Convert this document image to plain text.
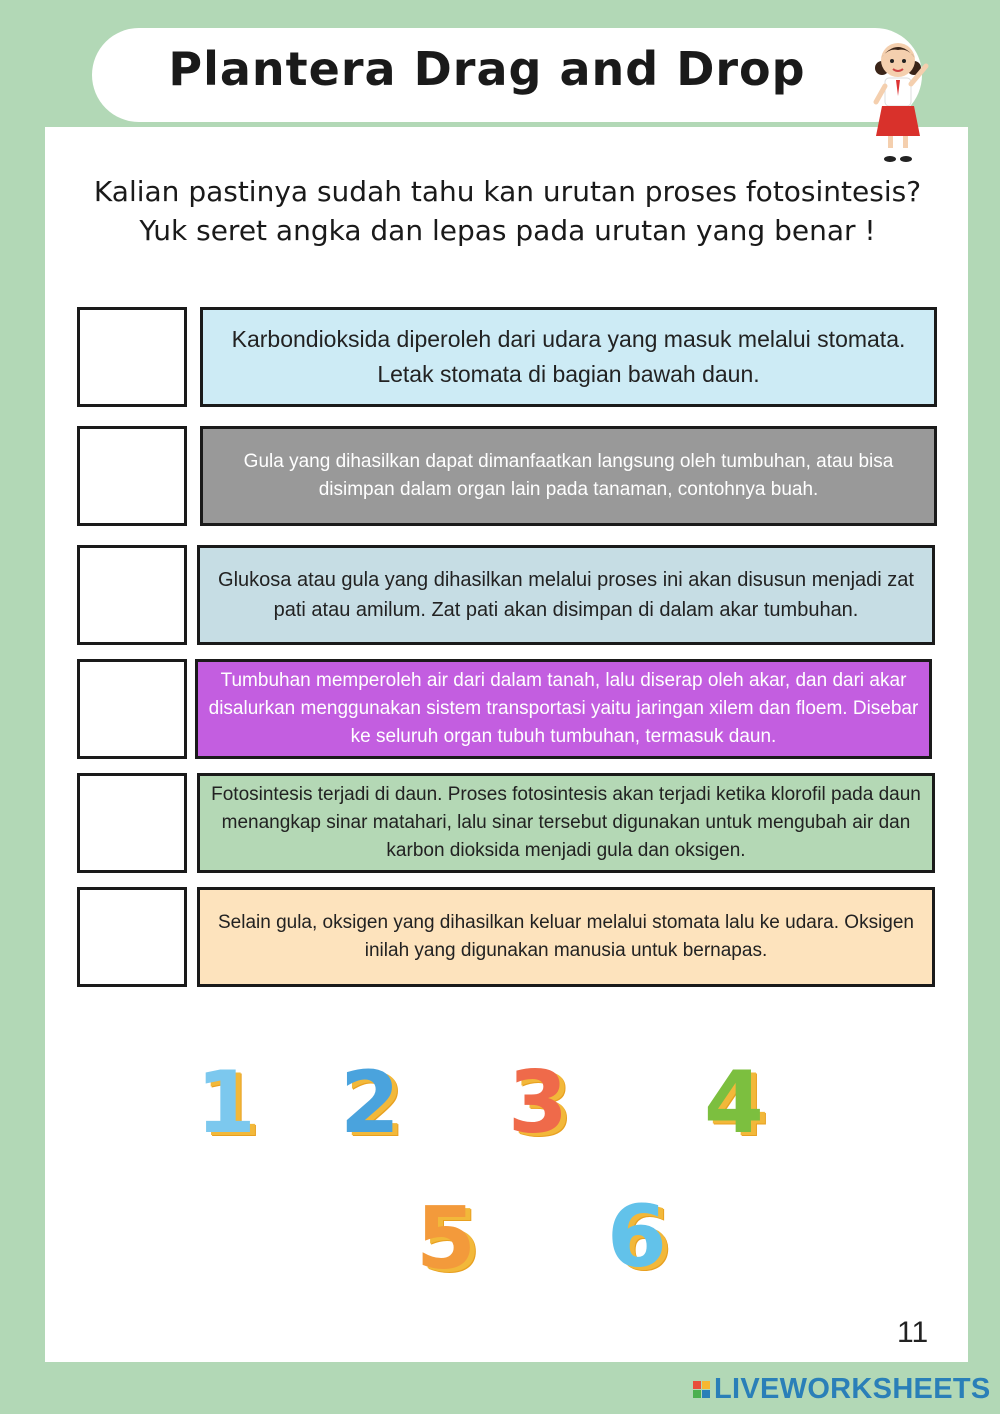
Plantera Drag and Drop
Kalian pastinya sudah tahu kan urutan proses fotosintesis? Yuk seret angka dan lepas pada urutan yang benar !
Karbondioksida diperoleh dari udara yang masuk melalui stomata. Letak stomata di bagian bawah daun.
Gula yang dihasilkan dapat dimanfaatkan langsung oleh tumbuhan, atau bisa disimpan dalam organ lain pada tanaman, contohnya buah.
Glukosa atau gula yang dihasilkan melalui proses ini akan disusun menjadi zat pati atau amilum. Zat pati akan disimpan di dalam akar tumbuhan.
Tumbuhan memperoleh air dari dalam tanah, lalu diserap oleh akar, dan dari akar disalurkan menggunakan sistem transportasi yaitu jaringan xilem dan floem. Disebar ke seluruh organ tubuh tumbuhan, termasuk daun.
Fotosintesis terjadi di daun. Proses fotosintesis akan terjadi ketika klorofil pada daun menangkap sinar matahari, lalu sinar tersebut digunakan untuk mengubah air dan karbon dioksida menjadi gula dan oksigen.
Selain gula, oksigen yang dihasilkan keluar melalui stomata lalu ke udara. Oksigen inilah yang digunakan manusia untuk bernapas.
1 2 3 4
5 6
11
LIVEWORKSHEETS
